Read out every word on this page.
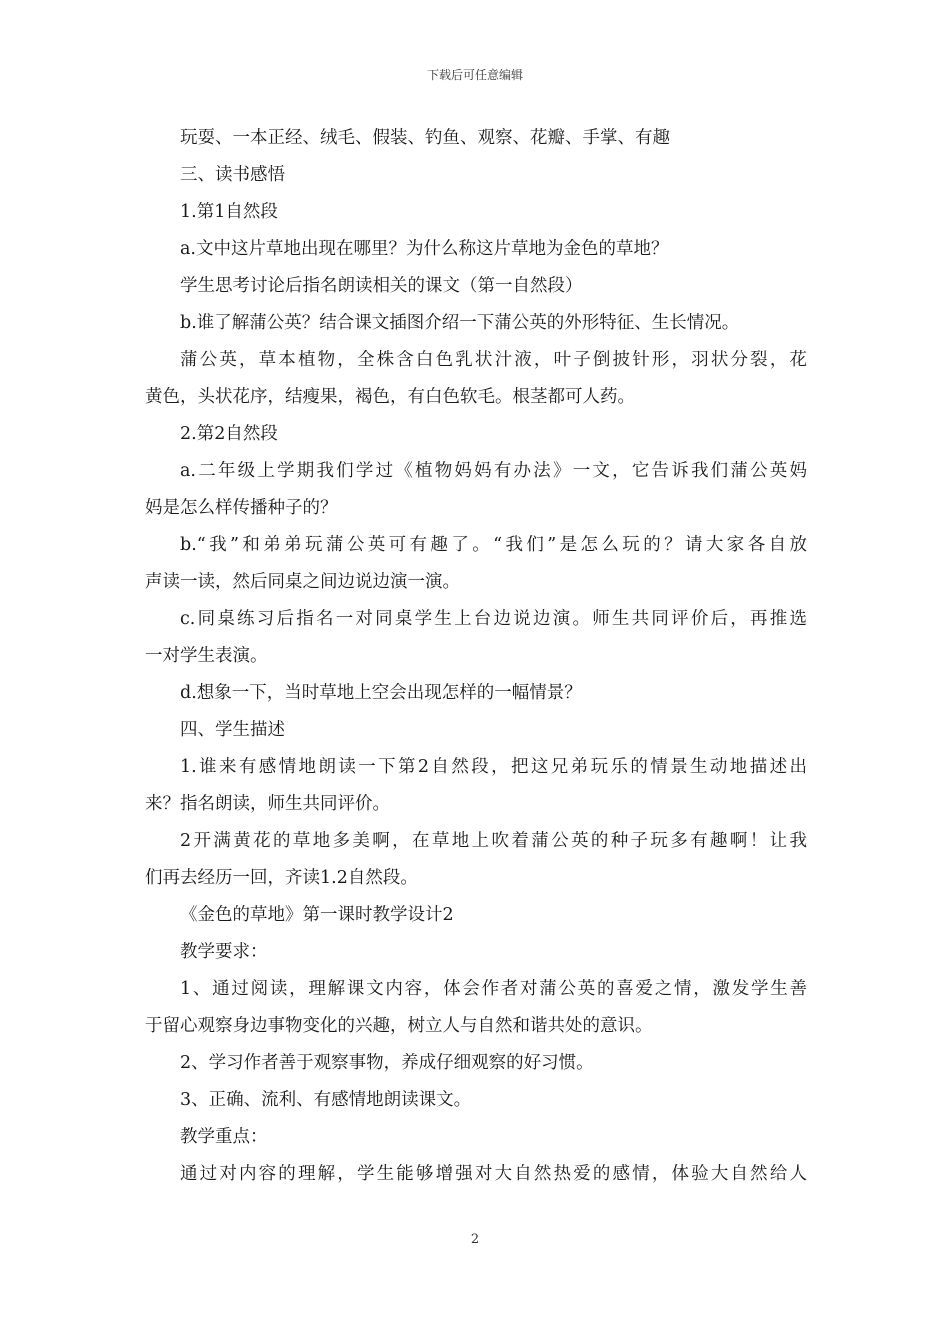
下载后可任意编辑
玩耍、一本正经、绒毛、假装、钓鱼、观察、花瓣、手掌、有趣
三、读书感悟
1.第1自然段
a.文中这片草地出现在哪里？为什么称这片草地为金色的草地？
学生思考讨论后指名朗读相关的课文（第一自然段）
b.谁了解蒲公英？结合课文插图介绍一下蒲公英的外形特征、生长情况。
蒲公英，草本植物，全株含白色乳状汁液，叶子倒披针形，羽状分裂，花
黄色，头状花序，结瘦果，褐色，有白色软毛。根茎都可人药。
2.第2自然段
a.二年级上学期我们学过《植物妈妈有办法》一文，它告诉我们蒲公英妈
妈是怎么样传播种子的？
b.“我”和弟弟玩蒲公英可有趣了。“我们”是怎么玩的？请大家各自放
声读一读，然后同桌之间边说边演一演。
c.同桌练习后指名一对同桌学生上台边说边演。师生共同评价后，再推选
一对学生表演。
d.想象一下，当时草地上空会出现怎样的一幅情景？
四、学生描述
1.谁来有感情地朗读一下第2自然段，把这兄弟玩乐的情景生动地描述出
来？指名朗读，师生共同评价。
2开满黄花的草地多美啊，在草地上吹着蒲公英的种子玩多有趣啊！让我
们再去经历一回，齐读1.2自然段。
《金色的草地》第一课时教学设计2
教学要求：
1、通过阅读，理解课文内容，体会作者对蒲公英的喜爱之情，激发学生善
于留心观察身边事物变化的兴趣，树立人与自然和谐共处的意识。
2、学习作者善于观察事物，养成仔细观察的好习惯。
3、正确、流利、有感情地朗读课文。
教学重点：
通过对内容的理解，学生能够增强对大自然热爱的感情，体验大自然给人
2
